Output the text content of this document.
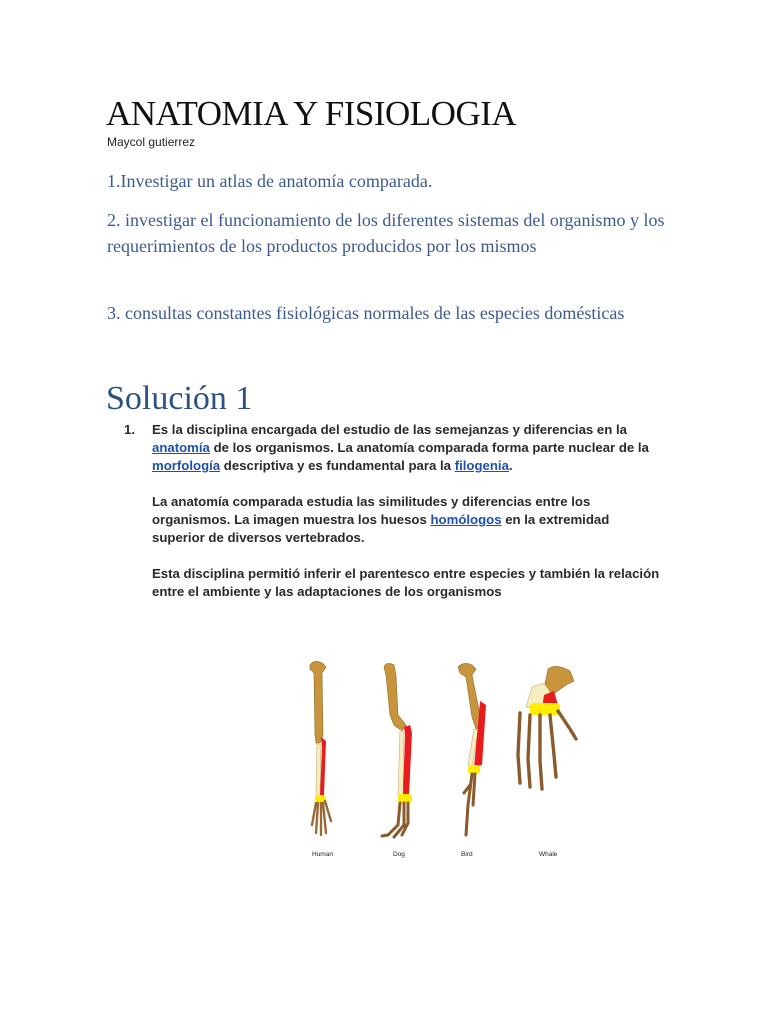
ANATOMIA Y FISIOLOGIA
Maycol gutierrez
1.Investigar un atlas de anatomía comparada.
2. investigar el funcionamiento de los diferentes sistemas del organismo y los requerimientos de los productos producidos por los mismos
3. consultas constantes fisiológicas normales de las especies domésticas
Solución 1
1. Es la disciplina encargada del estudio de las semejanzas y diferencias en la anatomía de los organismos. La anatomía comparada forma parte nuclear de la morfología descriptiva y es fundamental para la filogenia.
La anatomía comparada estudia las similitudes y diferencias entre los organismos. La imagen muestra los huesos homólogos en la extremidad superior de diversos vertebrados.
Esta disciplina permitió inferir el parentesco entre especies y también la relación entre el ambiente y las adaptaciones de los organismos
Human	Dog	Bird	Whale
